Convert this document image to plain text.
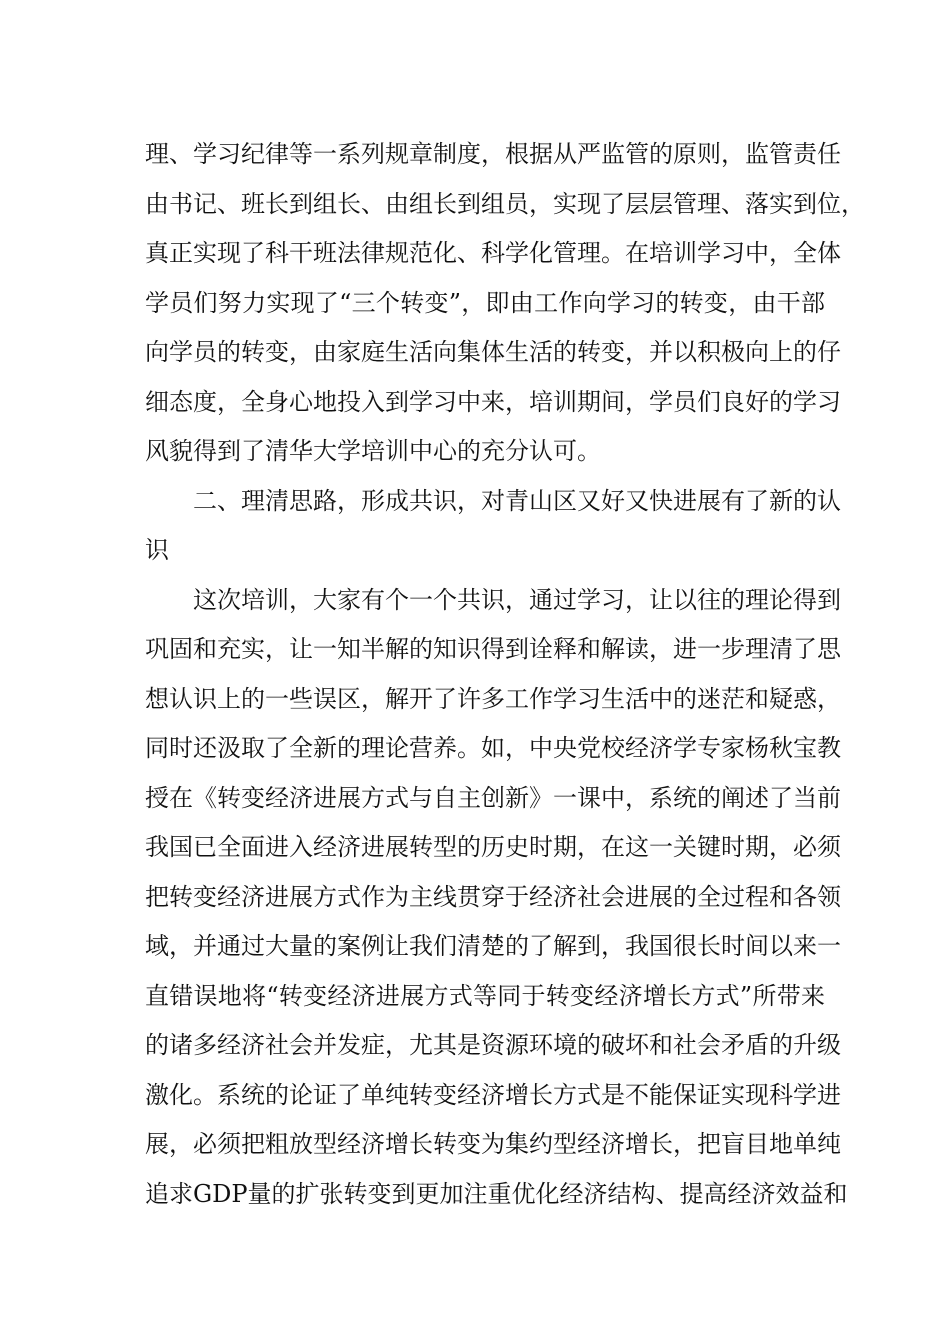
理、学习纪律等一系列规章制度，根据从严监管的原则，监管责任
由书记、班长到组长、由组长到组员，实现了层层管理、落实到位，
真正实现了科干班法律规范化、科学化管理。在培训学习中，全体
学员们努力实现了“三个转变”，即由工作向学习的转变，由干部
向学员的转变，由家庭生活向集体生活的转变，并以积极向上的仔
细态度，全身心地投入到学习中来，培训期间，学员们良好的学习
风貌得到了清华大学培训中心的充分认可。
二、理清思路，形成共识，对青山区又好又快进展有了新的认
识
这次培训，大家有个一个共识，通过学习，让以往的理论得到
巩固和充实，让一知半解的知识得到诠释和解读，进一步理清了思
想认识上的一些误区，解开了许多工作学习生活中的迷茫和疑惑，
同时还汲取了全新的理论营养。如，中央党校经济学专家杨秋宝教
授在《转变经济进展方式与自主创新》一课中，系统的阐述了当前
我国已全面进入经济进展转型的历史时期，在这一关键时期，必须
把转变经济进展方式作为主线贯穿于经济社会进展的全过程和各领
域，并通过大量的案例让我们清楚的了解到，我国很长时间以来一
直错误地将“转变经济进展方式等同于转变经济增长方式”所带来
的诸多经济社会并发症，尤其是资源环境的破坏和社会矛盾的升级
激化。系统的论证了单纯转变经济增长方式是不能保证实现科学进
展，必须把粗放型经济增长转变为集约型经济增长，把盲目地单纯
追求GDP量的扩张转变到更加注重优化经济结构、提高经济效益和
